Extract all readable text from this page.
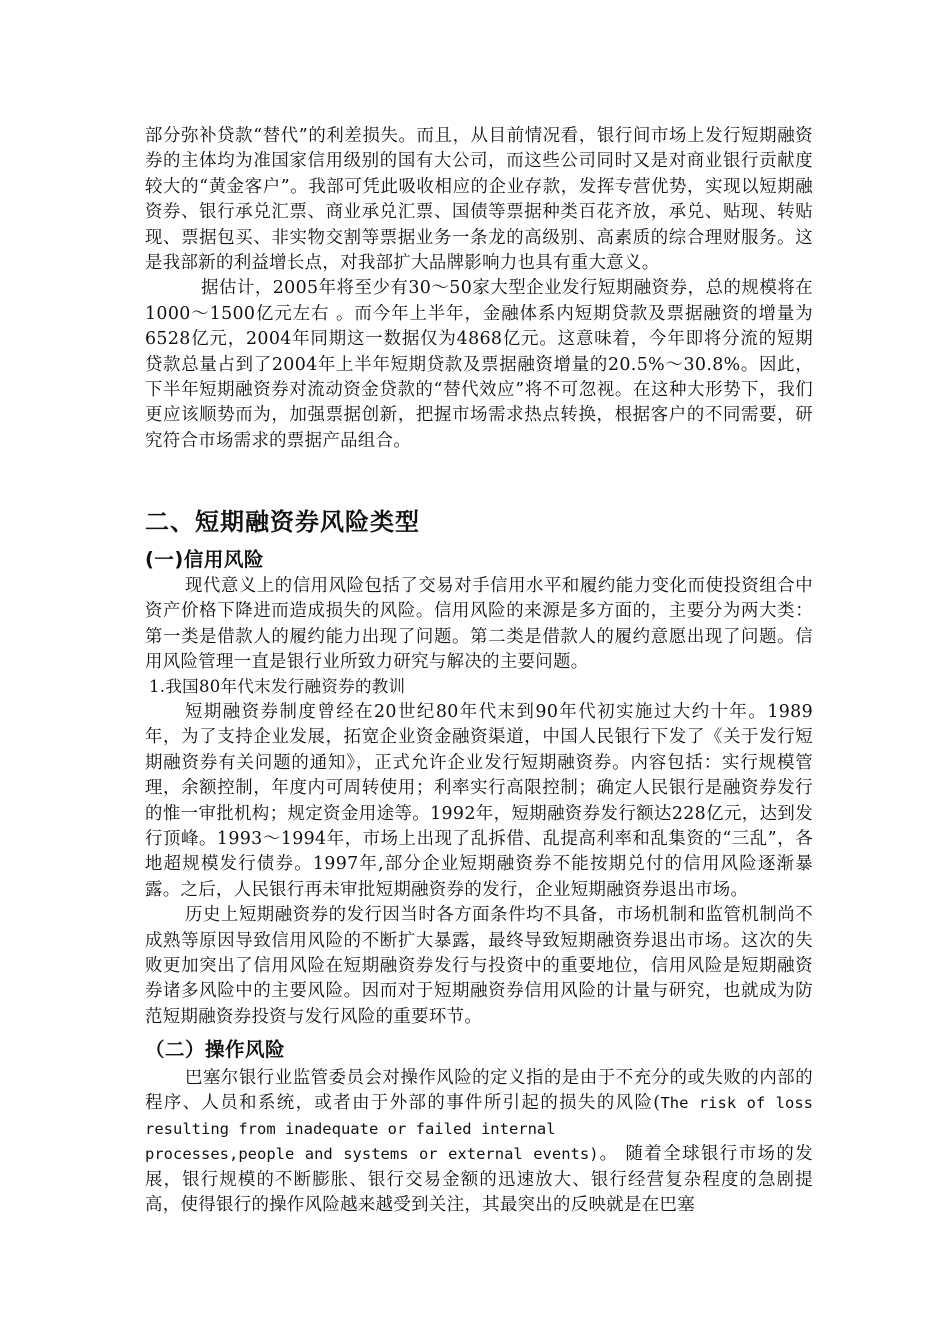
部分弥补贷款“替代”的利差损失。而且，从目前情况看，银行间市场上发行短期融资券的主体均为准国家信用级别的国有大公司，而这些公司同时又是对商业银行贡献度较大的“黄金客户”。我部可凭此吸收相应的企业存款，发挥专营优势，实现以短期融资券、银行承兑汇票、商业承兑汇票、国债等票据种类百花齐放，承兑、贴现、转贴现、票据包买、非实物交割等票据业务一条龙的高级别、高素质的综合理财服务。这是我部新的利益增长点，对我部扩大品牌影响力也具有重大意义。

据估计，2005年将至少有30～50家大型企业发行短期融资券，总的规模将在1000～1500亿元左右 。而今年上半年，金融体系内短期贷款及票据融资的增量为6528亿元，2004年同期这一数据仅为4868亿元。这意味着，今年即将分流的短期贷款总量占到了2004年上半年短期贷款及票据融资增量的20.5%～30.8%。因此，下半年短期融资券对流动资金贷款的“替代效应”将不可忽视。在这种大形势下，我们更应该顺势而为，加强票据创新，把握市场需求热点转换，根据客户的不同需要，研究符合市场需求的票据产品组合。

二、短期融资券风险类型
(一)信用风险

现代意义上的信用风险包括了交易对手信用水平和履约能力变化而使投资组合中资产价格下降进而造成损失的风险。信用风险的来源是多方面的，主要分为两大类：第一类是借款人的履约能力出现了问题。第二类是借款人的履约意愿出现了问题。信用风险管理一直是银行业所致力研究与解决的主要问题。

1.我国80年代末发行融资券的教训

短期融资券制度曾经在20世纪80年代末到90年代初实施过大约十年。1989年，为了支持企业发展，拓宽企业资金融资渠道，中国人民银行下发了《关于发行短期融资券有关问题的通知》，正式允许企业发行短期融资券。内容包括：实行规模管理，余额控制，年度内可周转使用；利率实行高限控制；确定人民银行是融资券发行的惟一审批机构；规定资金用途等。1992年，短期融资券发行额达228亿元，达到发行顶峰。1993～1994年，市场上出现了乱拆借、乱提高利率和乱集资的“三乱”，各地超规模发行债券。1997年,部分企业短期融资券不能按期兑付的信用风险逐渐暴露。之后，人民银行再未审批短期融资券的发行，企业短期融资券退出市场。

历史上短期融资券的发行因当时各方面条件均不具备，市场机制和监管机制尚不成熟等原因导致信用风险的不断扩大暴露，最终导致短期融资券退出市场。这次的失败更加突出了信用风险在短期融资券发行与投资中的重要地位，信用风险是短期融资券诸多风险中的主要风险。因而对于短期融资券信用风险的计量与研究，也就成为防范短期融资券投资与发行风险的重要环节。

（二）操作风险

巴塞尔银行业监管委员会对操作风险的定义指的是由于不充分的或失败的内部的程序、人员和系统，或者由于外部的事件所引起的损失的风险(The risk of loss resulting from inadequate or failed internal
processes,people and systems or external events)。 随着全球银行市场的发展，银行规模的不断膨胀、银行交易金额的迅速放大、银行经营复杂程度的急剧提高，使得银行的操作风险越来越受到关注，其最突出的反映就是在巴塞
